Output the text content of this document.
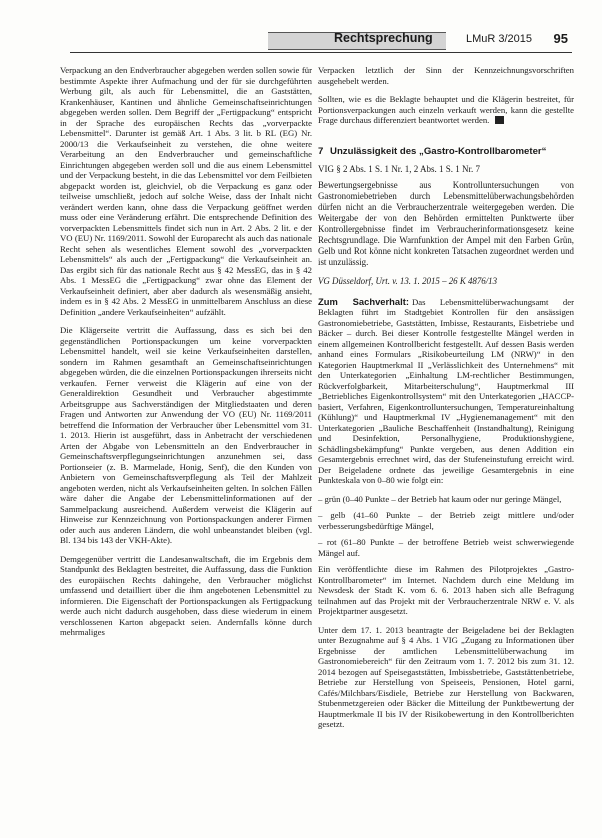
Rechtsprechung	LMuR 3/2015 95

Verpackung an den Endverbraucher abgegeben werden sollen sowie für bestimmte Aspekte ihrer Aufmachung und der für sie durchgeführten Werbung gilt, als auch für Lebensmittel, die an Gaststätten, Krankenhäuser, Kantinen und ähnliche Gemeinschaftseinrichtungen abgegeben werden sollen. Dem Begriff der „Fertigpackung“ entspricht in der Sprache des europäischen Rechts das „vorverpackte Lebensmittel“. Darunter ist gemäß Art. 1 Abs. 3 lit. b RL (EG) Nr. 2000/13 die Verkaufseinheit zu verstehen, die ohne weitere Verarbeitung an den Endverbraucher und gemeinschaftliche Einrichtungen abgegeben werden soll und die aus einem Lebensmittel und der Verpackung besteht, in die das Lebensmittel vor dem Feilbieten abgepackt worden ist, gleichviel, ob die Verpackung es ganz oder teilweise umschließt, jedoch auf solche Weise, dass der Inhalt nicht verändert werden kann, ohne dass die Verpackung geöffnet werden muss oder eine Veränderung erfährt. Die entsprechende Definition des vorverpackten Lebensmittels findet sich nun in Art. 2 Abs. 2 lit. e der VO (EU) Nr. 1169/2011. Sowohl der Europarecht als auch das nationale Recht sehen als wesentliches Element sowohl des „vorverpackten Lebensmittels“ als auch der „Fertigpackung“ die Verkaufseinheit an. Das ergibt sich für das nationale Recht aus § 42 MessEG, das in § 42 Abs. 1 MessEG die „Fertigpackung“ zwar ohne das Element der Verkaufseinheit definiert, aber aber dadurch als wesensmäßig ansieht, indem es in § 42 Abs. 2 MessEG in unmittelbarem Anschluss an diese Definition „andere Verkaufseinheiten“ aufzählt.

Die Klägerseite vertritt die Auffassung, dass es sich bei den gegenständlichen Portionspackungen um keine vorverpackten Lebensmittel handelt, weil sie keine Verkaufseinheiten darstellen, sondern im Rahmen gesamthaft an Gemeinschaftseinrichtungen abgegeben würden, die die einzelnen Portionspackungen ihrerseits nicht verkaufen. Ferner verweist die Klägerin auf eine von der Generaldirektion Gesundheit und Verbraucher abgestimmte Arbeitsgruppe aus Sachverständigen der Mitgliedstaaten und deren Fragen und Antworten zur Anwendung der VO (EU) Nr. 1169/2011 betreffend die Information der Verbraucher über Lebensmittel vom 31. 1. 2013. Hierin ist ausgeführt, dass in Anbetracht der verschiedenen Arten der Abgabe von Lebensmitteln an den Endverbraucher in Gemeinschaftsverpflegungseinrichtungen anzunehmen sei, dass Portionseier (z. B. Marmelade, Honig, Senf), die den Kunden von Anbietern von Gemeinschaftsverpflegung als Teil der Mahlzeit angeboten werden, nicht als Verkaufseinheiten gelten. In solchen Fällen wäre daher die Angabe der Lebensmittelinformationen auf der Sammelpackung ausreichend. Außerdem verweist die Klägerin auf Hinweise zur Kennzeichnung von Portionspackungen anderer Firmen oder auch aus anderen Ländern, die wohl unbeanstandet bleiben (vgl. Bl. 134 bis 143 der VKH-Akte).

Demgegenüber vertritt die Landesanwaltschaft, die im Ergebnis dem Standpunkt des Beklagten bestreitet, die Auffassung, dass die Funktion des europäischen Rechts dahingehe, den Verbraucher möglichst umfassend und detailliert über die ihm angebotenen Lebensmittel zu informieren. Die Eigenschaft der Portionspackungen als Fertigpackung werde auch nicht dadurch ausgehoben, dass diese wiederum in einem verschlossenen Karton abgepackt seien. Andernfalls könne durch mehrmaliges

Verpacken letztlich der Sinn der Kennzeichnungsvorschriften ausgehebelt werden.

Sollten, wie es die Beklagte behauptet und die Klägerin bestreitet, für Portionsverpackungen auch einzeln verkauft werden, kann die gestellte Frage durchaus differenziert beantwortet werden.

7 Unzulässigkeit des „Gastro-Kontrollbarometer“
VIG § 2 Abs. 1 S. 1 Nr. 1, 2 Abs. 1 S. 1 Nr. 7

Bewertungsergebnisse aus Kontrolluntersuchungen von Gastronomiebetrieben durch Lebensmittelüberwachungsbehörden dürfen nicht an die Verbraucherzentrale weitergegeben werden. Die Weitergabe der von den Behörden ermittelten Punktwerte über Kontrollergebnisse findet im Verbraucherinformationsgesetz keine Rechtsgrundlage. Die Warnfunktion der Ampel mit den Farben Grün, Gelb und Rot könne nicht konkreten Tatsachen zugeordnet werden und ist unzulässig.

VG Düsseldorf, Urt. v. 13. 1. 2015 – 26 K 4876/13

Zum Sachverhalt: Das Lebensmittelüberwachungsamt der Beklagten führt im Stadtgebiet Kontrollen für den ansässigen Gastronomiebetriebe, Gaststätten, Imbisse, Restaurants, Eisbetriebe und Bäcker – durch. Bei dieser Kontrolle festgestellte Mängel werden in einem allgemeinen Kontrollbericht festgestellt. Auf dessen Basis werden anhand eines Formulars „Risikobeurteilung LM (NRW)“ in den Kategorien Hauptmerkmal II „Verlässlichkeit des Unternehmens“ mit den Unterkategorien „Einhaltung LM-rechtlicher Bestimmungen, Rückverfolgbarkeit, Mitarbeiterschulung“, Hauptmerkmal III „Betriebliches Eigenkontrollsystem“ mit den Unterkategorien „HACCP-basiert, Verfahren, Eigenkontrolluntersuchungen, Temperatureinhaltung (Kühlung)“ und Hauptmerkmal IV „Hygienemanagement“ mit den Unterkategorien „Bauliche Beschaffenheit (Instandhaltung), Reinigung und Desinfektion, Personalhygiene, Produktionshygiene, Schädlingsbekämpfung“ Punkte vergeben, aus denen Addition ein Gesamtergebnis errechnet wird, das der Stufeneinstufung erreicht wird. Der Beigeladene ordnete das jeweilige Gesamtergebnis in eine Punkteskala von 0–80 wie folgt ein:

– grün (0–40 Punkte – der Betrieb hat kaum oder nur geringe Mängel,

– gelb (41–60 Punkte – der Betrieb zeigt mittlere und/oder verbesserungsbedürftige Mängel,

– rot (61–80 Punkte – der betroffene Betrieb weist schwerwiegende Mängel auf.

Ein veröffentlichte diese im Rahmen des Pilotprojektes „Gastro-Kontrollbarometer“ im Internet. Nachdem durch eine Meldung im Newsdesk der Stadt K. vom 6. 6. 2013 haben sich alle Befragung teilnahmen auf das Projekt mit der Verbraucherzentrale NRW e. V. als Projektpartner ausgesetzt.

Unter dem 17. 1. 2013 beantragte der Beigeladene bei der Beklagten unter Bezugnahme auf § 4 Abs. 1 VIG „Zugang zu Informationen über Ergebnisse der amtlichen Lebensmittelüberwachung im Gastronomiebereich“ für den Zeitraum vom 1. 7. 2012 bis zum 31. 12. 2014 bezogen auf Speisegaststätten, Imbissbetriebe, Gaststättenbetriebe, Betriebe zur Herstellung von Speiseeis, Pensionen, Hotel garni, Cafés/Milchbars/Eisdiele, Betriebe zur Herstellung von Backwaren, Stubenmetzgereien oder Bäcker die Mitteilung der Punktbewertung der Hauptmerkmale II bis IV der Risikobewertung in den Kontrollberichten gesetzt.
